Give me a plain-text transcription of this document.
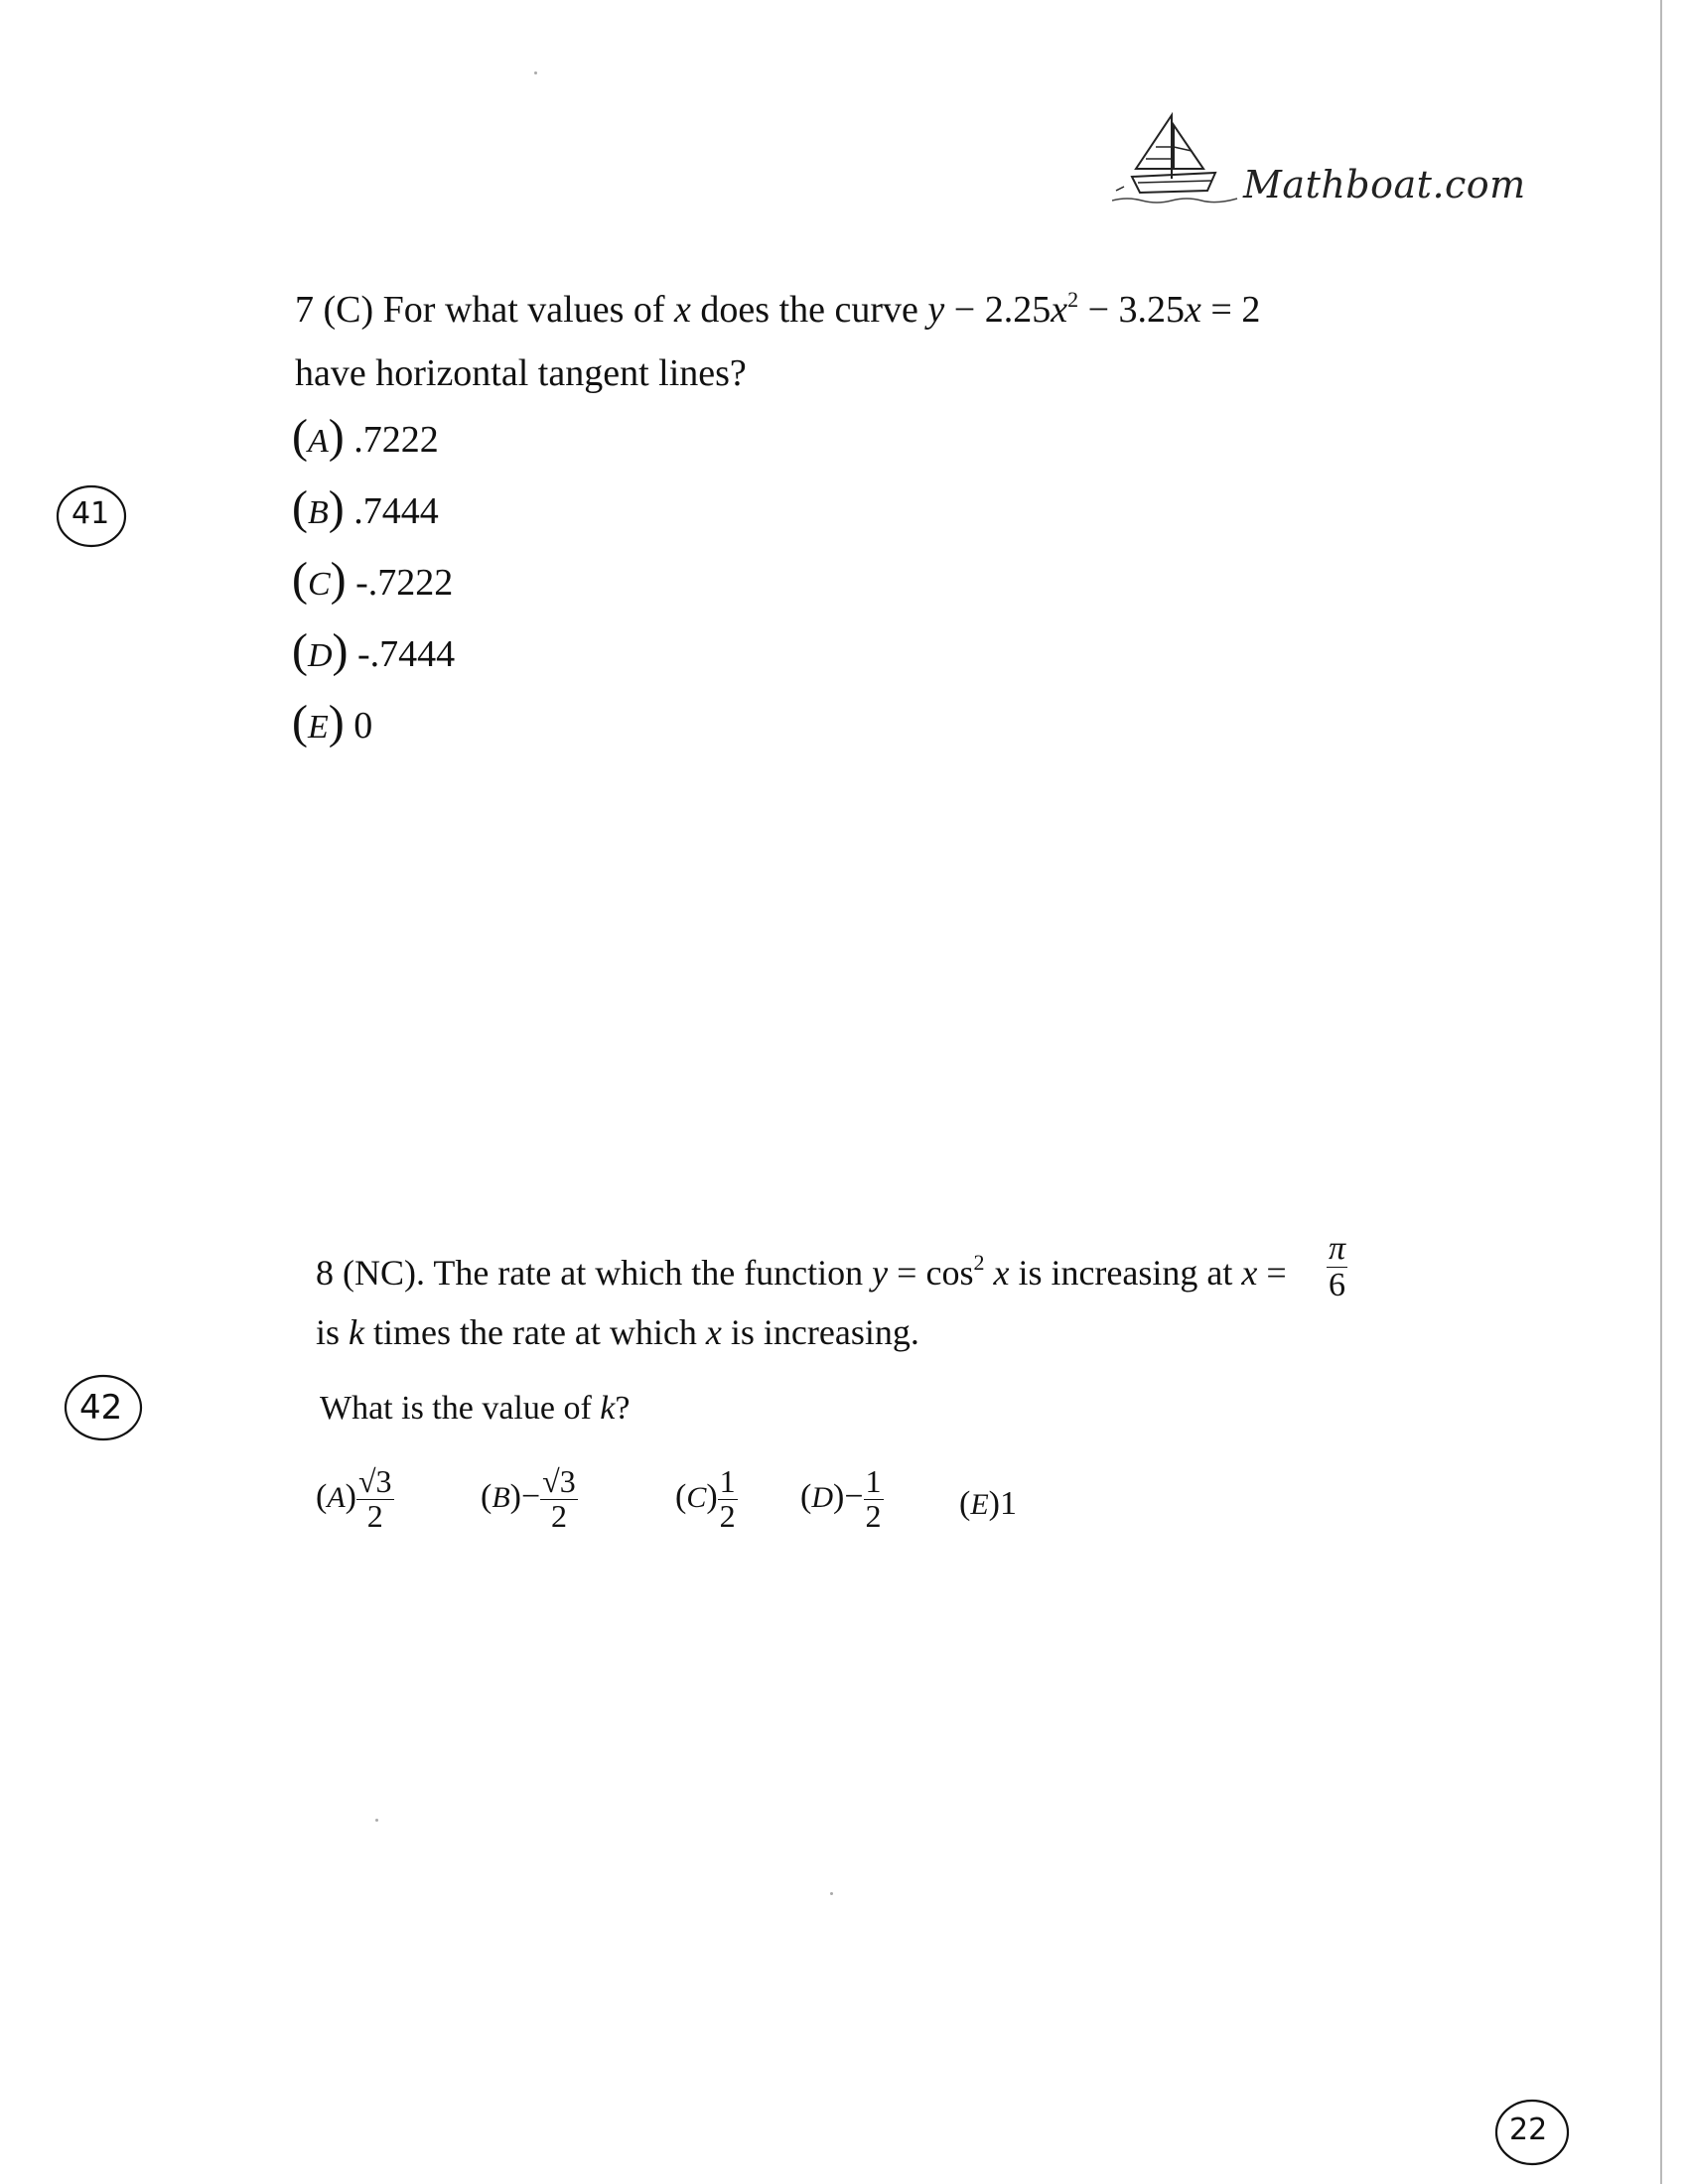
Mathboat.com
41
42
22
7 (C) For what values of x does the curve $y - 2.25x^2 - 3.25x = 2$
have horizontal tangent lines?
(A) .7222
(B) .7444
(C) -.7222
(D) -.7444
(E) 0
8 (NC). The rate at which the function $y = \cos^2 x$ is increasing at $x = \frac{\pi}{6}$
is k times the rate at which x is increasing.
What is the value of k?
$(A) \frac{√3}{2}$	$(B)- \frac{√3}{2}$	$(C) \frac{1}{2} (D)- \frac{1}{2} (E)1$
